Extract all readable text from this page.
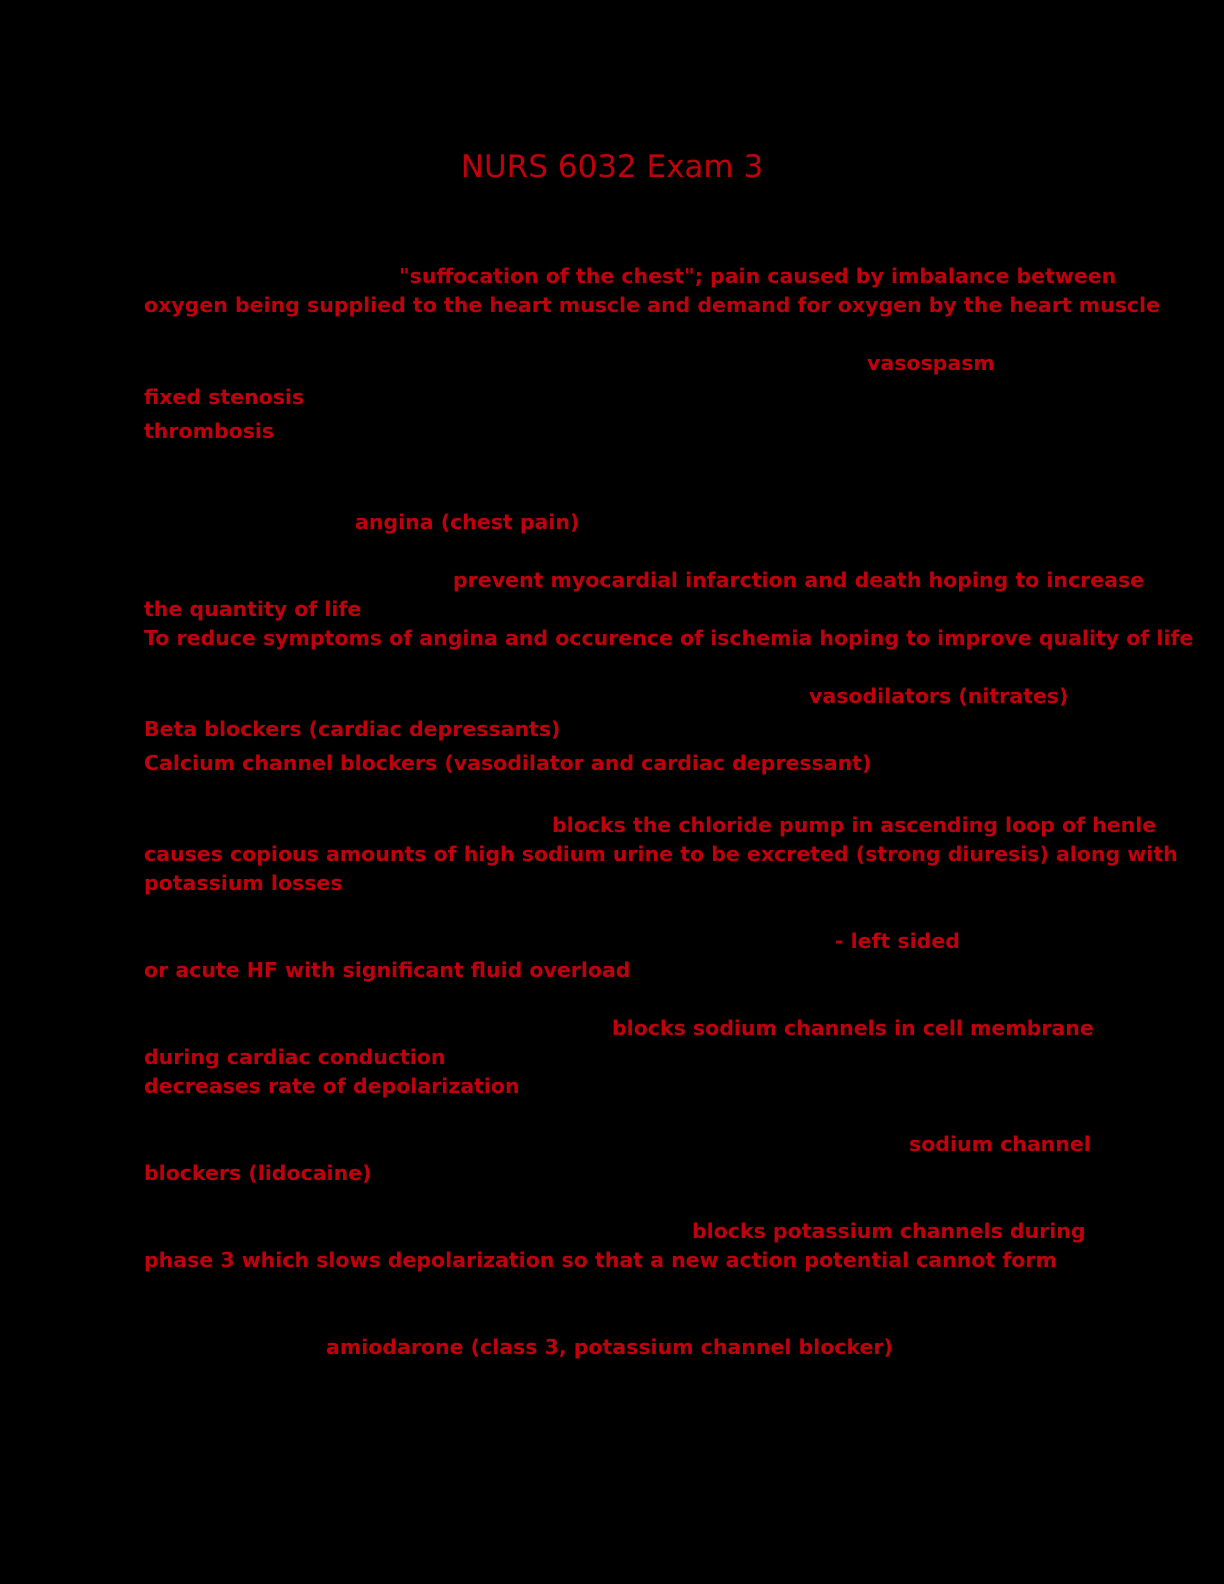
NURS 6032 Exam 3

"suffocation of the chest"; pain caused by imbalance between

oxygen being supplied to the heart muscle and demand for oxygen by the heart muscle

vasospasm

fixed stenosis

thrombosis

angina (chest pain)

prevent myocardial infarction and death hoping to increase

the quantity of life

To reduce symptoms of angina and occurence of ischemia hoping to improve quality of life

vasodilators (nitrates)

Beta blockers (cardiac depressants)

Calcium channel blockers (vasodilator and cardiac depressant)

blocks the chloride pump in ascending loop of henle

causes copious amounts of high sodium urine to be excreted (strong diuresis) along with

potassium losses

- left sided

or acute HF with significant fluid overload

blocks sodium channels in cell membrane

during cardiac conduction

decreases rate of depolarization

sodium channel

blockers (lidocaine)

blocks potassium channels during

phase 3 which slows depolarization so that a new action potential cannot form

amiodarone (class 3, potassium channel blocker)
